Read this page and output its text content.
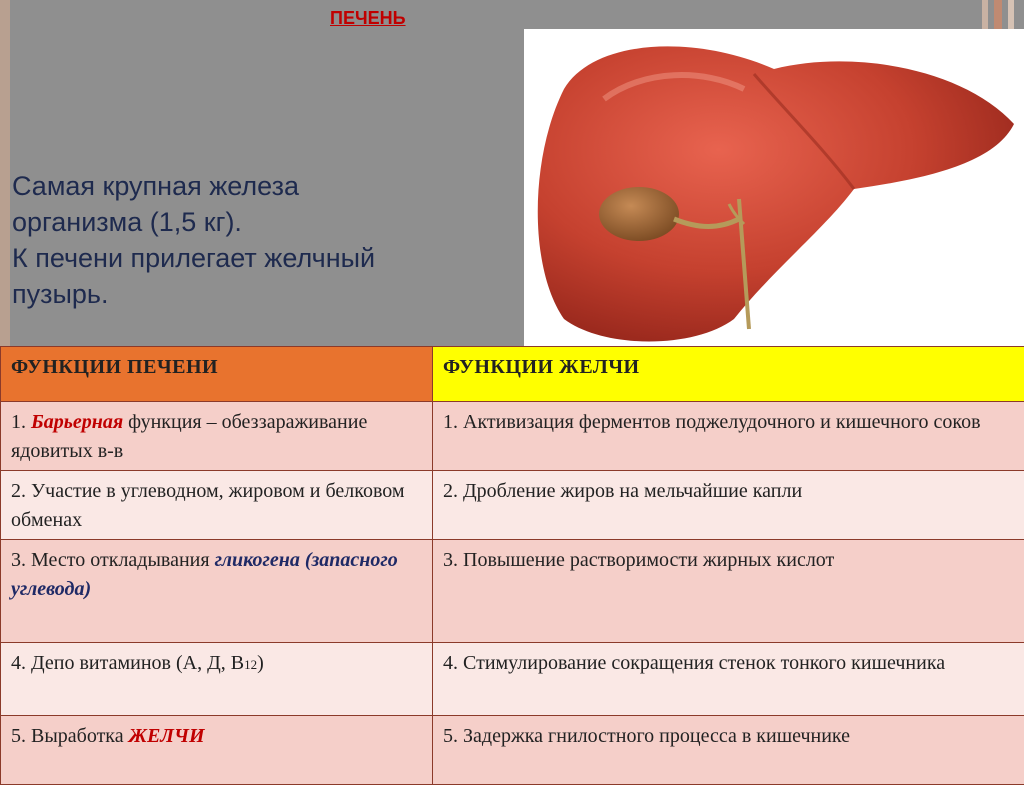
ПЕЧЕНЬ

Самая крупная железа

организма (1,5 кг).

К печени прилегает желчный

пузырь.

ФУНКЦИИ ПЕЧЕНИ	ФУНКЦИИ ЖЕЛЧИ
1. Барьерная функция – обеззараживание ядовитых в-в	1. Активизация ферментов поджелудочного и кишечного соков
2. Участие в углеводном, жировом и белковом обменах	2. Дробление жиров на мельчайшие капли
3. Место откладывания гликогена (запасного углевода)	3. Повышение растворимости жирных кислот
4. Депо витаминов (А, Д, В12)	4. Стимулирование сокращения стенок тонкого кишечника
5. Выработка ЖЕЛЧИ	5. Задержка гнилостного процесса в кишечнике
